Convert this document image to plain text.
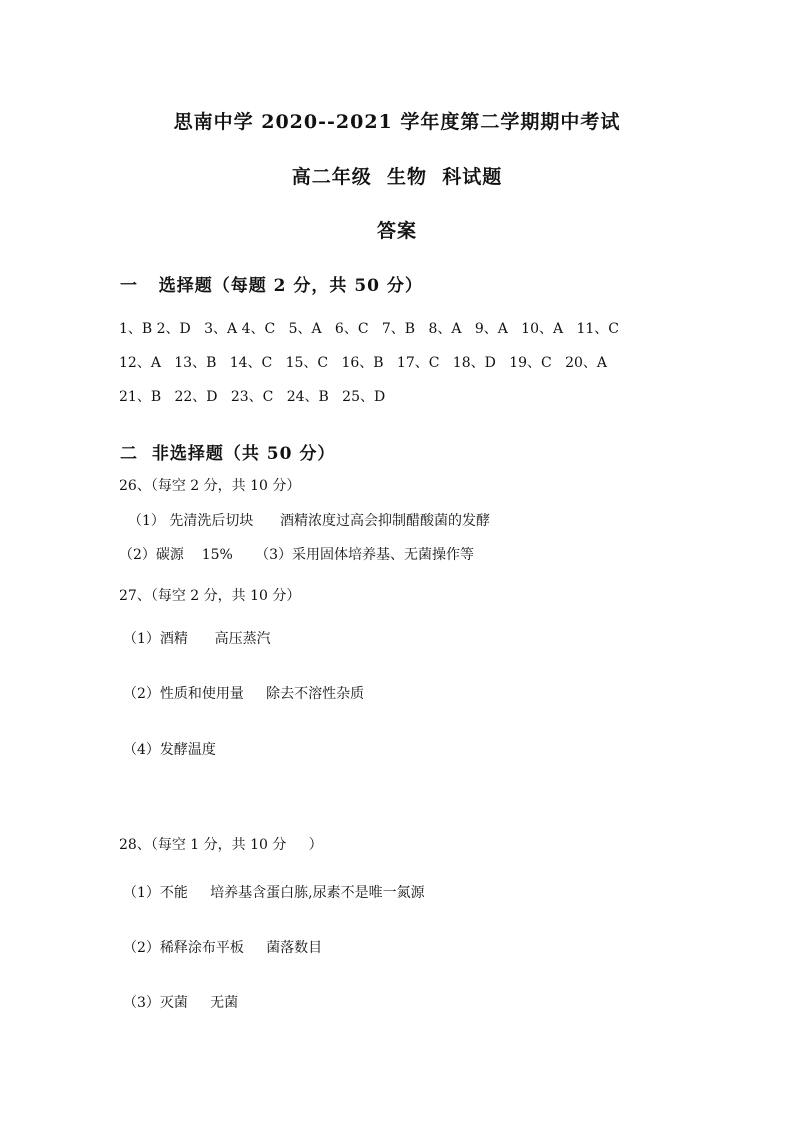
思南中学 2020--2021 学年度第二学期期中考试
高二年级  生物  科试题
答案
一   选择题（每题 2 分，共 50 分）
1、B 2、D   3、A 4、C   5、A   6、C   7、B   8、A   9、A   10、A   11、C
12、A   13、B   14、C   15、C   16、B   17、C   18、D   19、C   20、A
21、B   22、D   23、C   24、B   25、D
二  非选择题（共 50 分）
26、（每空 2 分，共 10 分）
（1） 先清洗后切块      酒精浓度过高会抑制醋酸菌的发酵
（2）碳源    15%     （3）采用固体培养基、无菌操作等
27、（每空 2 分，共 10 分）
（1）酒精      高压蒸汽
（2）性质和使用量     除去不溶性杂质
（4）发酵温度
28、（每空 1 分，共 10 分     ）
（1）不能     培养基含蛋白胨,尿素不是唯一氮源
（2）稀释涂布平板     菌落数目
（3）灭菌     无菌
